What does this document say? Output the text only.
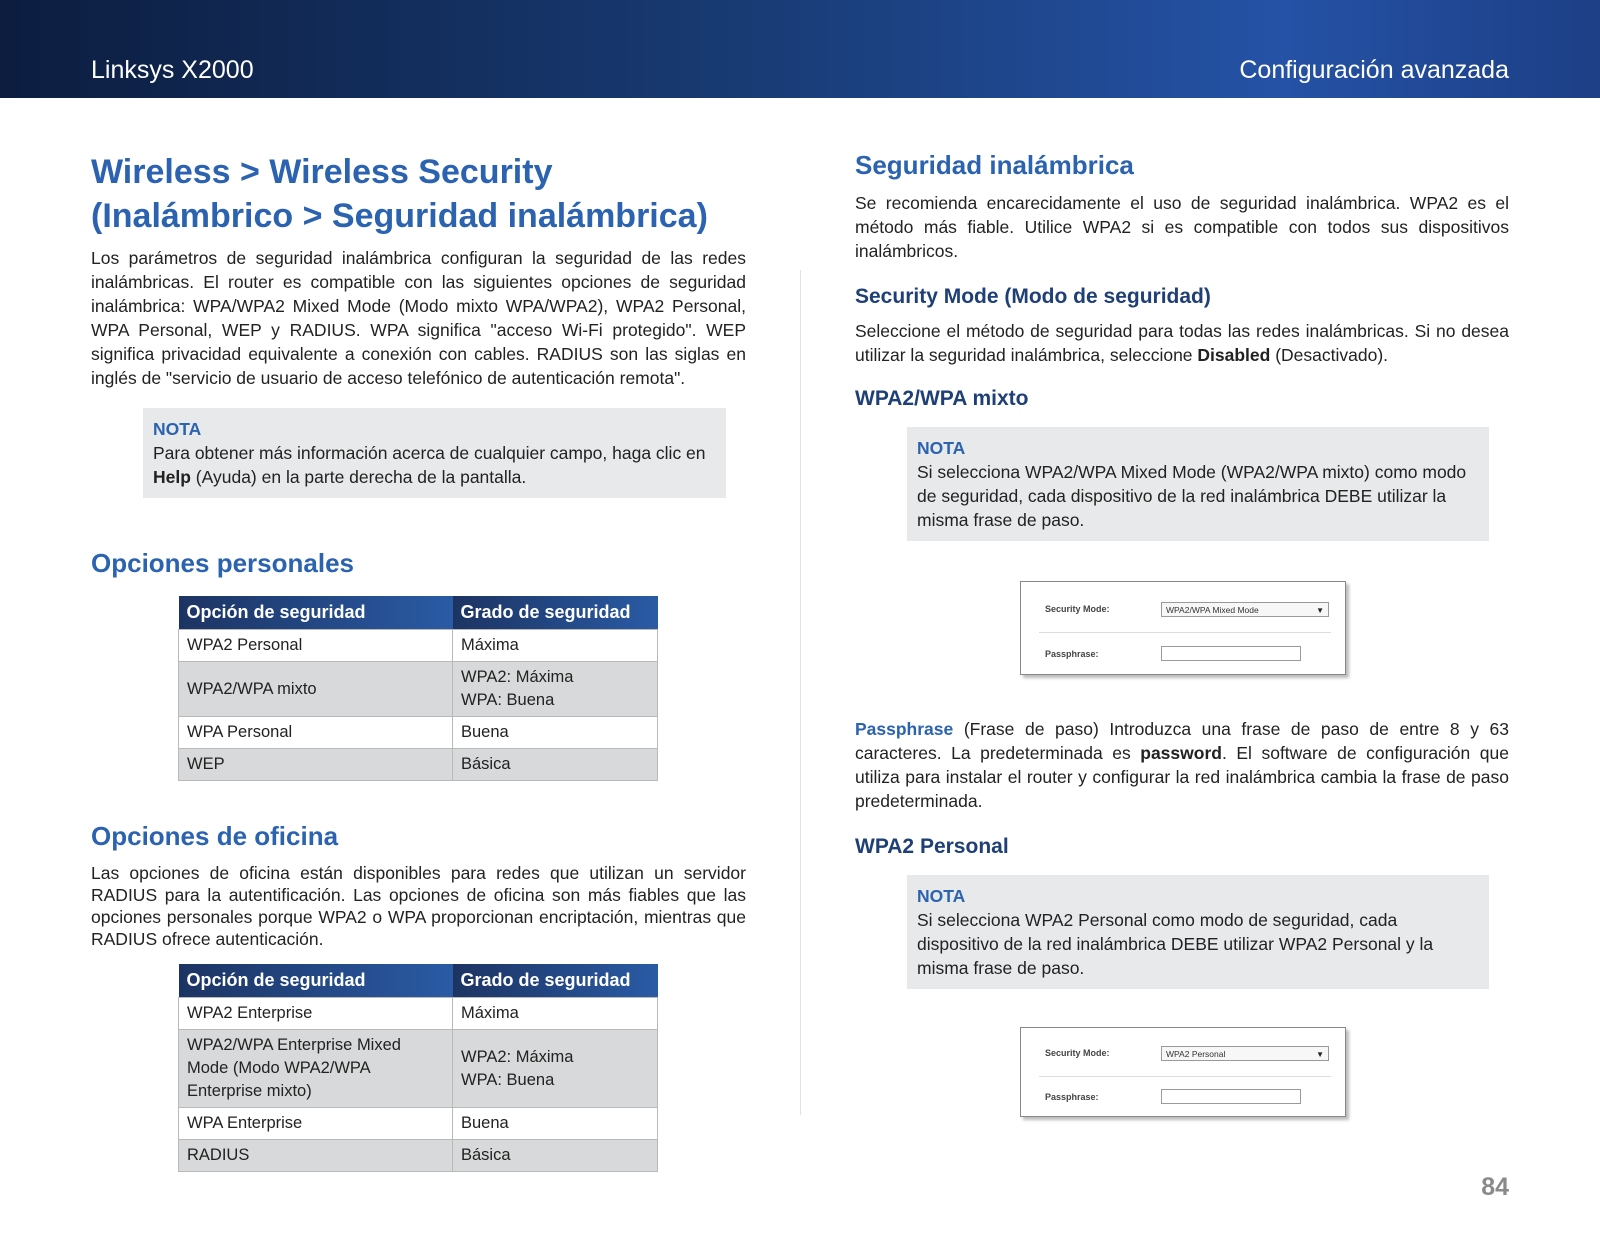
Linksys X2000	Configuración avanzada
Wireless > Wireless Security
(Inalámbrico > Seguridad inalámbrica)

Los parámetros de seguridad inalámbrica configuran la seguridad de las redes inalámbricas. El router es compatible con las siguientes opciones de seguridad inalámbrica: WPA/WPA2 Mixed Mode (Modo mixto WPA/WPA2), WPA2 Personal, WPA Personal, WEP y RADIUS. WPA significa "acceso Wi-Fi protegido". WEP significa privacidad equivalente a conexión con cables. RADIUS son las siglas en inglés de "servicio de usuario de acceso telefónico de autenticación remota".

NOTA
Para obtener más información acerca de cualquier campo, haga clic en Help (Ayuda) en la parte derecha de la pantalla.
Opciones personales
Opción de seguridad	Grado de seguridad
WPA2 Personal	Máxima
WPA2/WPA mixto	WPA2: Máxima
WPA: Buena

WPA Personal	Buena
WEP	Básica
Opciones de oficina

Las opciones de oficina están disponibles para redes que utilizan un servidor RADIUS para la autentificación. Las opciones de oficina son más fiables que las opciones personales porque WPA2 o WPA proporcionan encriptación, mientras que RADIUS ofrece autenticación.

Opción de seguridad	Grado de seguridad
WPA2 Enterprise	Máxima
WPA2/WPA Enterprise Mixed Mode (Modo WPA2/WPA Enterprise mixto)	WPA2: Máxima
WPA: Buena

WPA Enterprise	Buena
RADIUS	Básica
Seguridad inalámbrica

Se recomienda encarecidamente el uso de seguridad inalámbrica. WPA2 es el método más fiable. Utilice WPA2 si es compatible con todos sus dispositivos inalámbricos.

Security Mode (Modo de seguridad)

Seleccione el método de seguridad para todas las redes inalámbricas. Si no desea utilizar la seguridad inalámbrica, seleccione Disabled (Desactivado).

WPA2/WPA mixto
NOTA
Si selecciona WPA2/WPA Mixed Mode (WPA2/WPA mixto) como modo de seguridad, cada dispositivo de la red inalámbrica DEBE utilizar la misma frase de paso.
Security Mode:	WPA2/WPA Mixed Mode	▼
Passphrase:

Passphrase (Frase de paso) Introduzca una frase de paso de entre 8 y 63 caracteres. La predeterminada es password. El software de configuración que utiliza para instalar el router y configurar la red inalámbrica cambia la frase de paso predeterminada.

WPA2 Personal
NOTA
Si selecciona WPA2 Personal como modo de seguridad, cada dispositivo de la red inalámbrica DEBE utilizar WPA2 Personal y la misma frase de paso.
Security Mode:	WPA2 Personal	▼
Passphrase:
84
